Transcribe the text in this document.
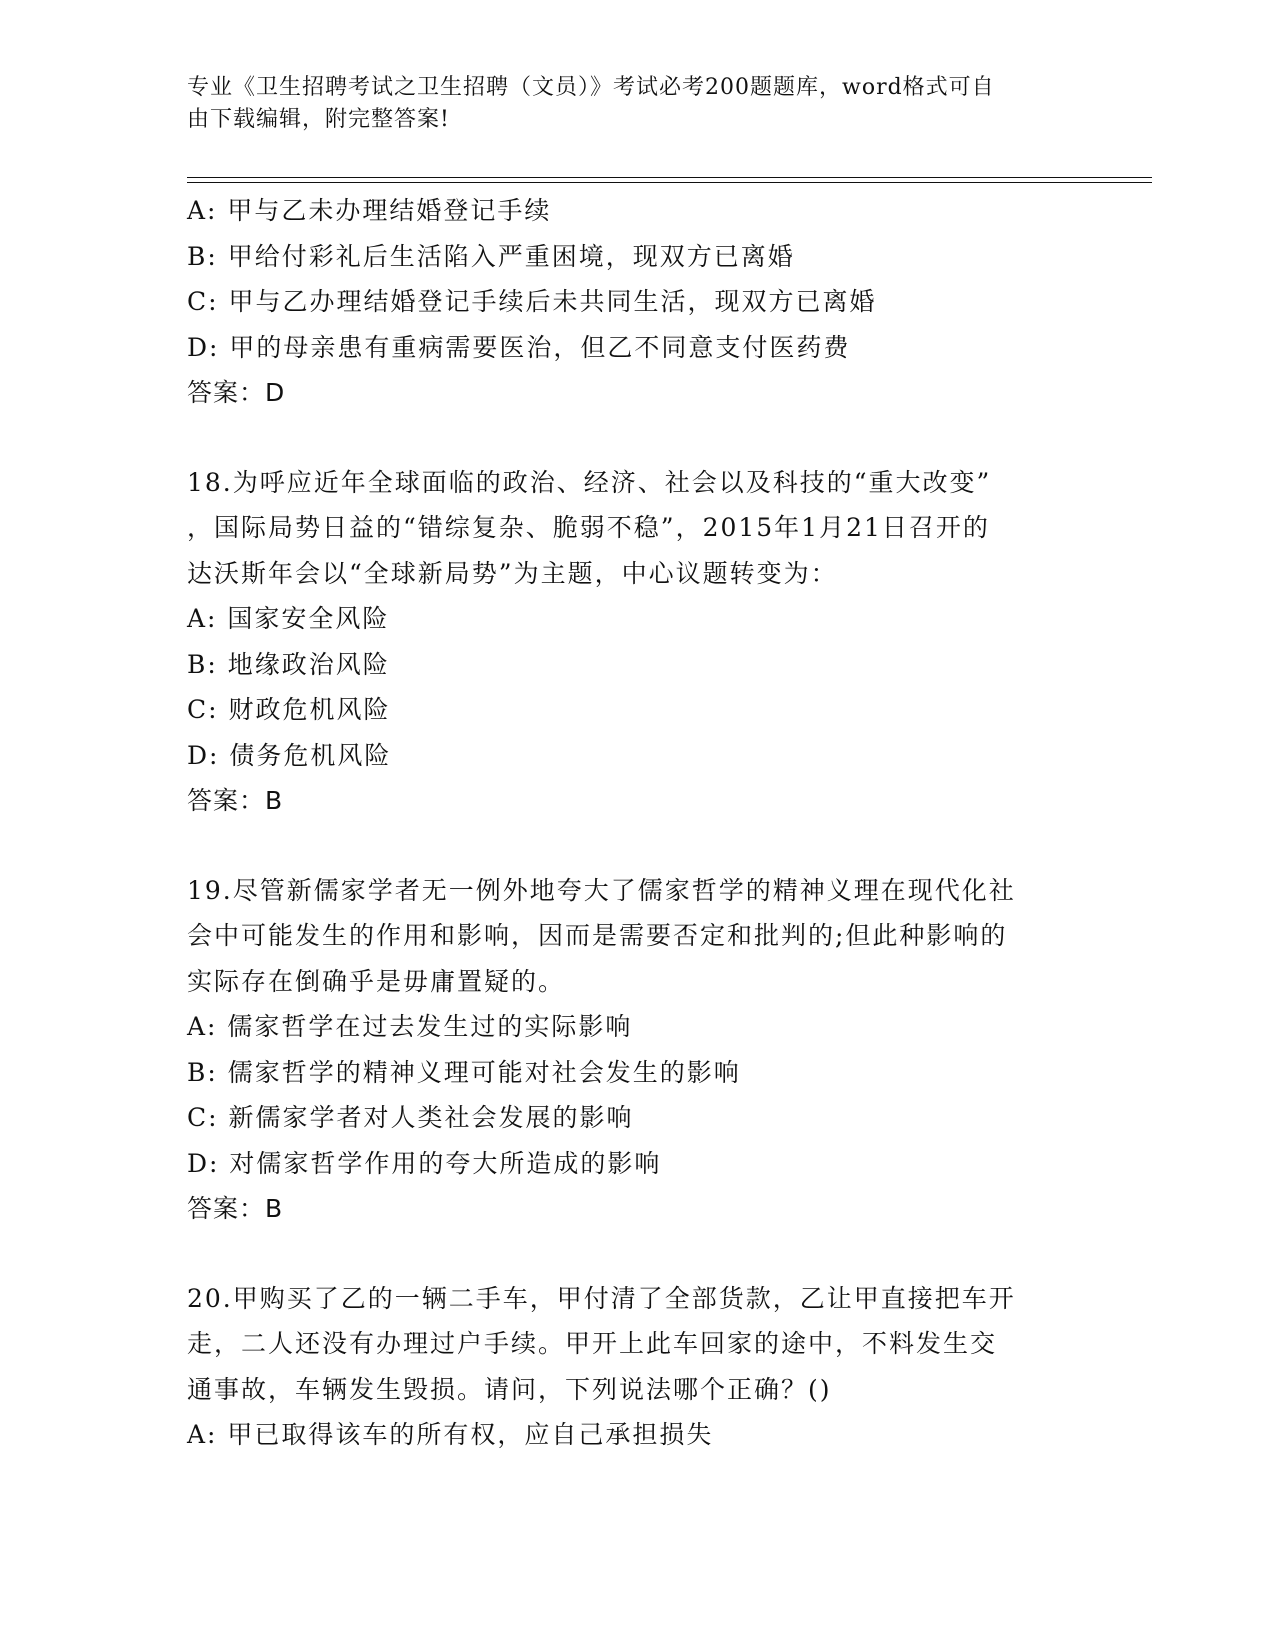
专业《卫生招聘考试之卫生招聘（文员）》考试必考200题题库，word格式可自
由下载编辑，附完整答案!
A: 甲与乙未办理结婚登记手续
B: 甲给付彩礼后生活陷入严重困境，现双方已离婚
C: 甲与乙办理结婚登记手续后未共同生活，现双方已离婚
D: 甲的母亲患有重病需要医治，但乙不同意支付医药费
答案：D
18.为呼应近年全球面临的政治、经济、社会以及科技的“重大改变”
，国际局势日益的“错综复杂、脆弱不稳”，2015年1月21日召开的
达沃斯年会以“全球新局势”为主题，中心议题转变为：
A: 国家安全风险
B: 地缘政治风险
C: 财政危机风险
D: 债务危机风险
答案：B
19.尽管新儒家学者无一例外地夸大了儒家哲学的精神义理在现代化社
会中可能发生的作用和影响，因而是需要否定和批判的;但此种影响的
实际存在倒确乎是毋庸置疑的。
A: 儒家哲学在过去发生过的实际影响
B: 儒家哲学的精神义理可能对社会发生的影响
C: 新儒家学者对人类社会发展的影响
D: 对儒家哲学作用的夸大所造成的影响
答案：B
20.甲购买了乙的一辆二手车，甲付清了全部货款，乙让甲直接把车开
走，二人还没有办理过户手续。甲开上此车回家的途中，不料发生交
通事故，车辆发生毁损。请问，下列说法哪个正确？()
A: 甲已取得该车的所有权，应自己承担损失
